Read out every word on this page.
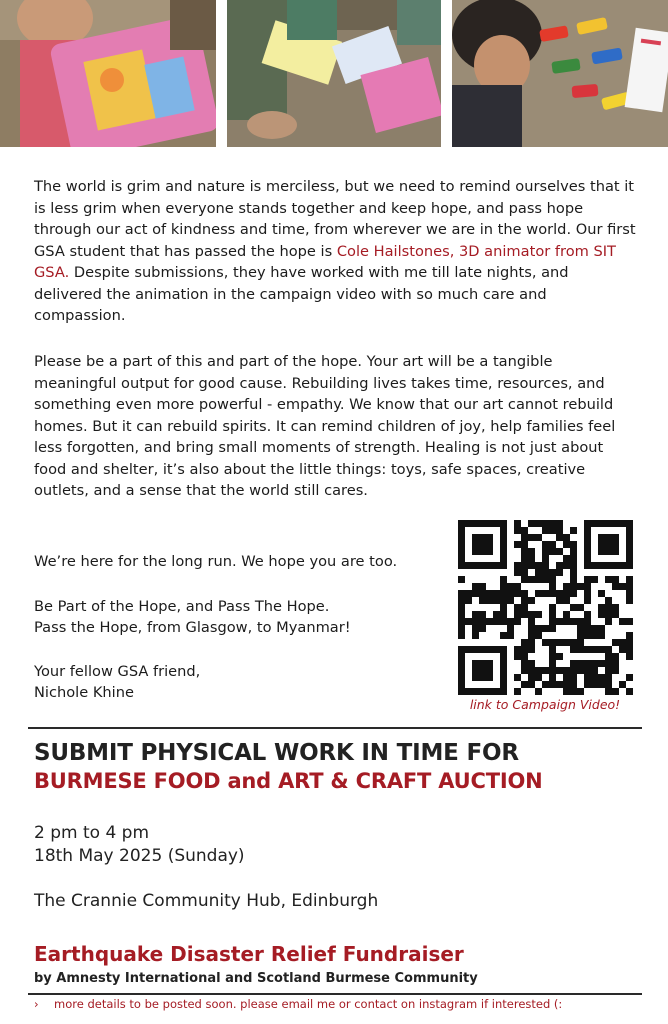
The world is grim and nature is merciless, but we need to remind ourselves that it is less grim when everyone stands together and keep hope, and pass hope through our act of kindness and time, from wherever we are in the world. Our first GSA student that has passed the hope is Cole Hailstones, 3D animator from SIT GSA. Despite submissions, they have worked with me till late nights, and delivered the animation in the campaign video with so much care and compassion.

Please be a part of this and part of the hope. Your art will be a tangible meaningful output for good cause. Rebuilding lives takes time, resources, and something even more powerful - empathy. We know that our art cannot rebuild homes. But it can rebuild spirits. It can remind children of joy, help families feel less forgotten, and bring small moments of strength. Healing is not just about food and shelter, it’s also about the little things: toys, safe spaces, creative outlets, and a sense that the world still cares.

We’re here for the long run. We hope you are too.
Be Part of the Hope, and Pass The Hope.
Pass the Hope, from Glasgow, to Myanmar!
Your fellow GSA friend,
Nichole Khine
link to Campaign Video!
SUBMIT PHYSICAL WORK IN TIME FOR
BURMESE FOOD and ART & CRAFT AUCTION
2 pm to 4 pm
18th May 2025 (Sunday)
The Crannie Community Hub, Edinburgh
Earthquake Disaster Relief Fundraiser
by Amnesty International and Scotland Burmese Community
› more details to be posted soon. please email me or contact on instagram if interested (:
